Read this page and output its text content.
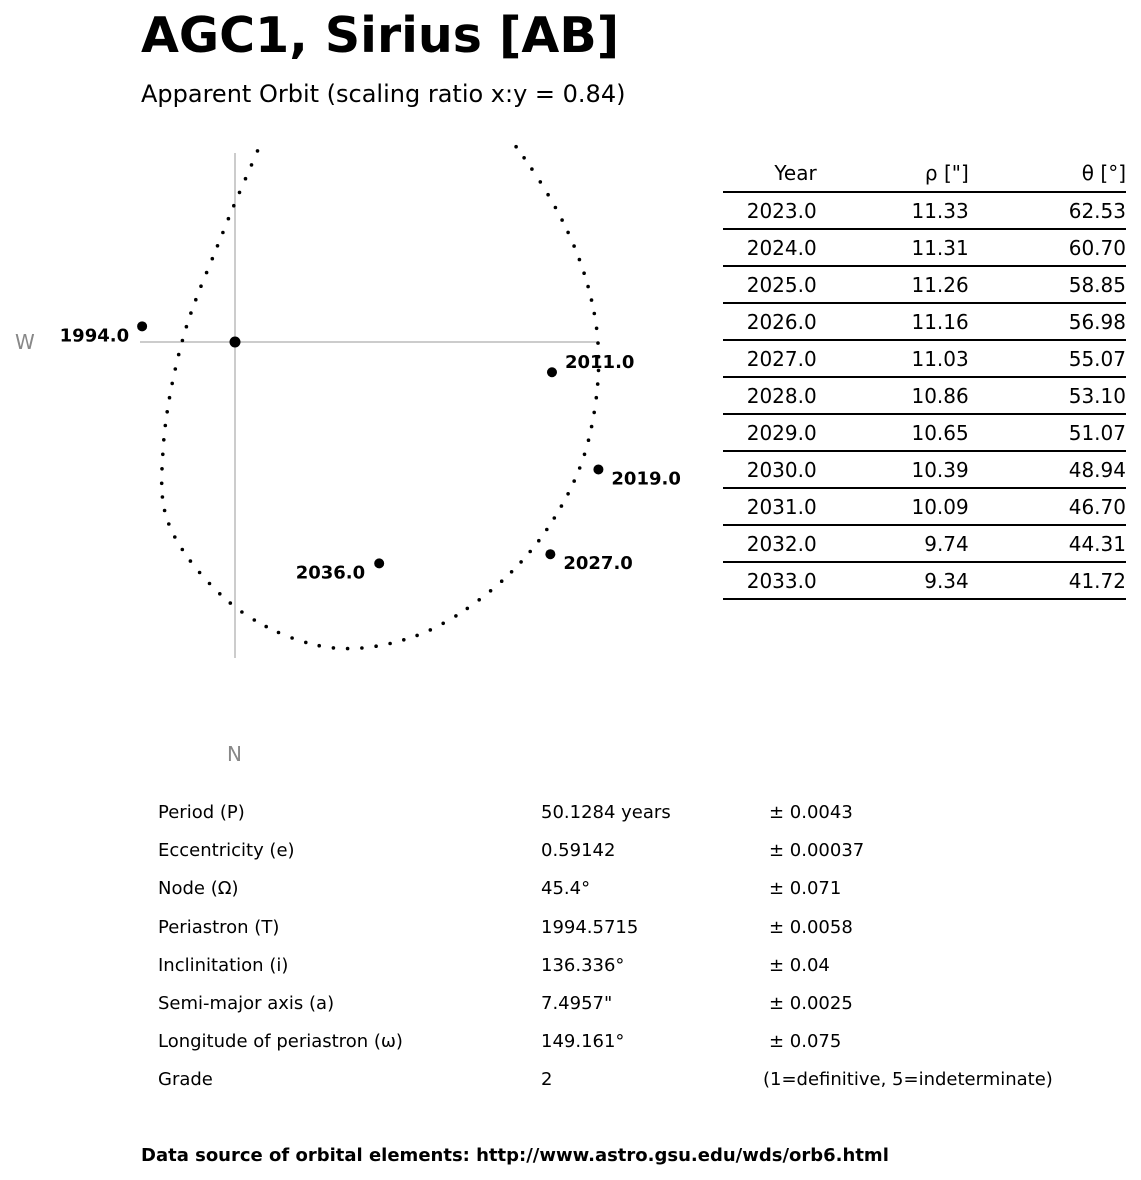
AGC1, Sirius [AB]

Apparent Orbit (scaling ratio x:y = 0.84)

2011.0
2019.0
2027.0
2036.0
1994.0
W
N
Year	ρ ["]	θ [°]
2023.0	11.33	62.53
2024.0	11.31	60.70
2025.0	11.26	58.85
2026.0	11.16	56.98
2027.0	11.03	55.07
2028.0	10.86	53.10
2029.0	10.65	51.07
2030.0	10.39	48.94
2031.0	10.09	46.70
2032.0	9.74	44.31
2033.0	9.34	41.72
Period (P)	50.1284 years	± 0.0043
Eccentricity (e)	0.59142	± 0.00037
Node (Ω)	45.4°	± 0.071
Periastron (T)	1994.5715	± 0.0058
Inclinitation (i)	136.336°	± 0.04
Semi-major axis (a)	7.4957"	± 0.0025
Longitude of periastron (ω)	149.161°	± 0.075
Grade	2	(1=definitive, 5=indeterminate)
Data source of orbital elements: http://www.astro.gsu.edu/wds/orb6.html
